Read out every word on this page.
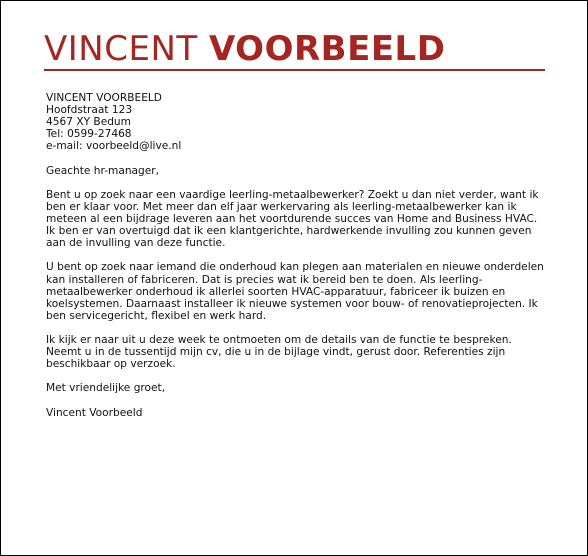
VINCENT VOORBEELD

VINCENT VOORBEELD
Hoofdstraat 123
4567 XY Bedum
Tel: 0599-27468
e-mail: voorbeeld@live.nl

Geachte hr-manager,

Bent u op zoek naar een vaardige leerling-metaalbewerker? Zoekt u dan niet verder, want ik ben er klaar voor. Met meer dan elf jaar werkervaring als leerling-metaalbewerker kan ik meteen al een bijdrage leveren aan het voortdurende succes van Home and Business HVAC. Ik ben er van overtuigd dat ik een klantgerichte, hardwerkende invulling zou kunnen geven aan de invulling van deze functie.

U bent op zoek naar iemand die onderhoud kan plegen aan materialen en nieuwe onderdelen kan installeren of fabriceren. Dat is precies wat ik bereid ben te doen. Als leerling-metaalbewerker onderhoud ik allerlei soorten HVAC-apparatuur, fabriceer ik buizen en koelsystemen. Daarnaast installeer ik nieuwe systemen voor bouw- of renovatieprojecten. Ik ben servicegericht, flexibel en werk hard.

Ik kijk er naar uit u deze week te ontmoeten om de details van de functie te bespreken. Neemt u in de tussentijd mijn cv, die u in de bijlage vindt, gerust door. Referenties zijn beschikbaar op verzoek.

Met vriendelijke groet,

Vincent Voorbeeld
